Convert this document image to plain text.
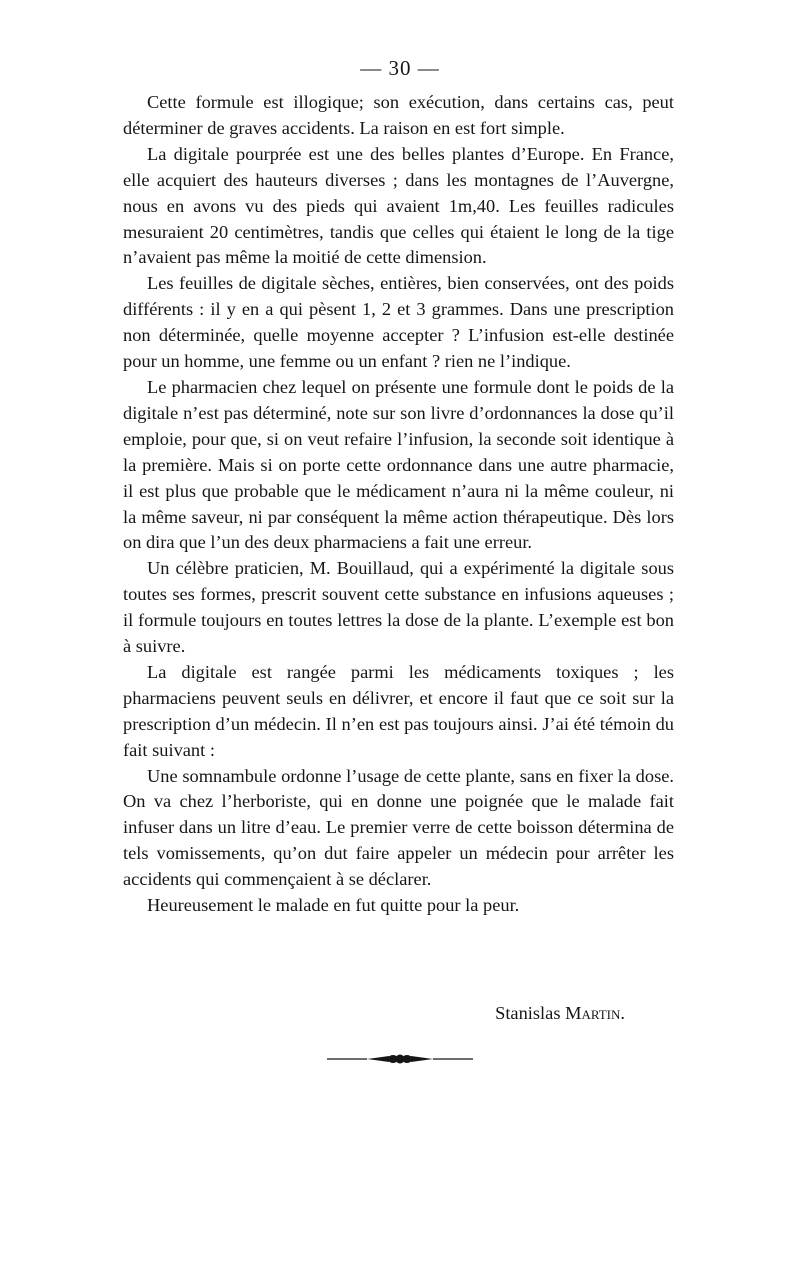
— 30 —

Cette formule est illogique; son exécution, dans certains cas, peut déterminer de graves accidents. La raison en est fort simple.

La digitale pourprée est une des belles plantes d’Europe. En France, elle acquiert des hauteurs diverses ; dans les montagnes de l’Auvergne, nous en avons vu des pieds qui avaient 1m,40. Les feuilles radicules mesuraient 20 centimètres, tandis que celles qui étaient le long de la tige n’avaient pas même la moitié de cette dimension.

Les feuilles de digitale sèches, entières, bien conservées, ont des poids différents : il y en a qui pèsent 1, 2 et 3 grammes. Dans une prescription non déterminée, quelle moyenne accepter ? L’infusion est-elle destinée pour un homme, une femme ou un enfant ? rien ne l’indique.

Le pharmacien chez lequel on présente une formule dont le poids de la digitale n’est pas déterminé, note sur son livre d’ordonnances la dose qu’il emploie, pour que, si on veut refaire l’infusion, la seconde soit identique à la première. Mais si on porte cette ordonnance dans une autre pharmacie, il est plus que probable que le médicament n’aura ni la même couleur, ni la même saveur, ni par conséquent la même action thérapeutique. Dès lors on dira que l’un des deux pharmaciens a fait une erreur.

Un célèbre praticien, M. Bouillaud, qui a expérimenté la digitale sous toutes ses formes, prescrit souvent cette substance en infusions aqueuses ; il formule toujours en toutes lettres la dose de la plante. L’exemple est bon à suivre.

La digitale est rangée parmi les médicaments toxiques ; les pharmaciens peuvent seuls en délivrer, et encore il faut que ce soit sur la prescription d’un médecin. Il n’en est pas toujours ainsi. J’ai été témoin du fait suivant :

Une somnambule ordonne l’usage de cette plante, sans en fixer la dose. On va chez l’herboriste, qui en donne une poignée que le malade fait infuser dans un litre d’eau. Le premier verre de cette boisson détermina de tels vomissements, qu’on dut faire appeler un médecin pour arrêter les accidents qui commençaient à se déclarer.

Heureusement le malade en fut quitte pour la peur.

Stanislas Martin.
